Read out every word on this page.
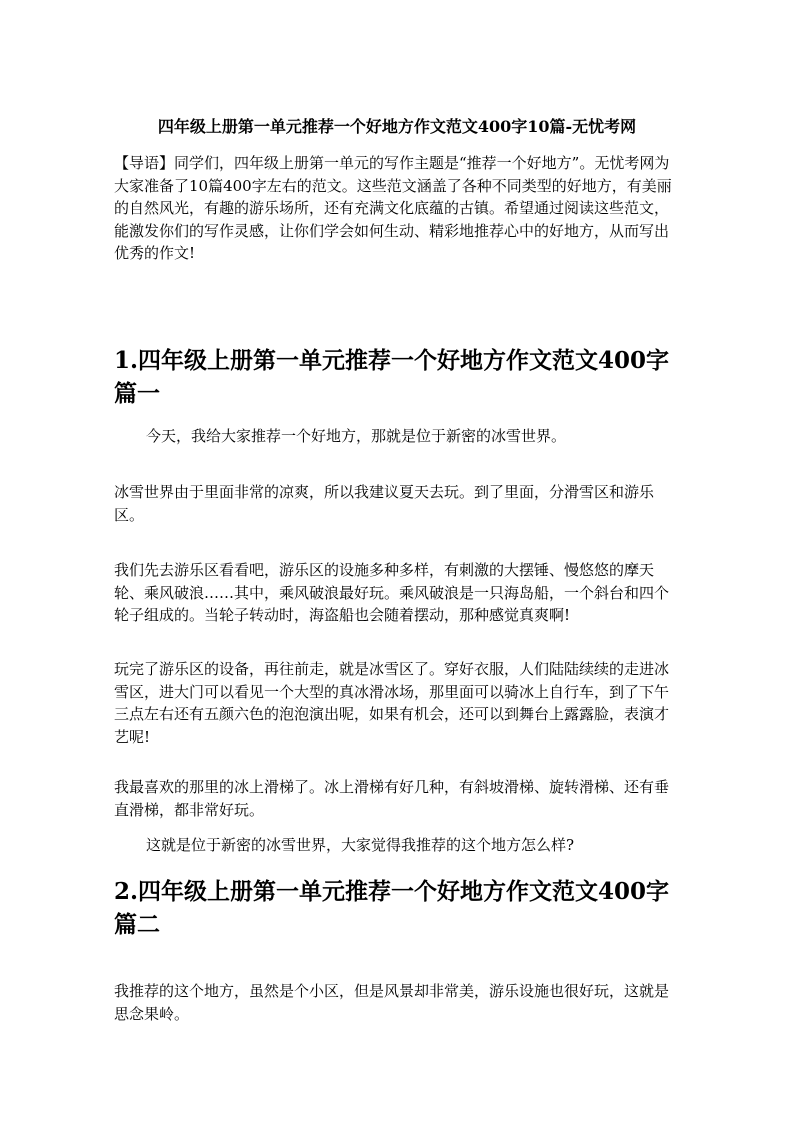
四年级上册第一单元推荐一个好地方作文范文400字10篇-无忧考网
【导语】同学们，四年级上册第一单元的写作主题是“推荐一个好地方”。无忧考网为大家准备了10篇400字左右的范文。这些范文涵盖了各种不同类型的好地方，有美丽的自然风光，有趣的游乐场所，还有充满文化底蕴的古镇。希望通过阅读这些范文，能激发你们的写作灵感，让你们学会如何生动、精彩地推荐心中的好地方，从而写出优秀的作文!
1.四年级上册第一单元推荐一个好地方作文范文400字
篇一
今天，我给大家推荐一个好地方，那就是位于新密的冰雪世界。
冰雪世界由于里面非常的凉爽，所以我建议夏天去玩。到了里面，分滑雪区和游乐区。
我们先去游乐区看看吧，游乐区的设施多种多样，有刺激的大摆锤、慢悠悠的摩天轮、乘风破浪……其中，乘风破浪最好玩。乘风破浪是一只海岛船，一个斜台和四个轮子组成的。当轮子转动时，海盗船也会随着摆动，那种感觉真爽啊!
玩完了游乐区的设备，再往前走，就是冰雪区了。穿好衣服，人们陆陆续续的走进冰雪区，进大门可以看见一个大型的真冰滑冰场，那里面可以骑冰上自行车，到了下午三点左右还有五颜六色的泡泡演出呢，如果有机会，还可以到舞台上露露脸，表演才艺呢!
我最喜欢的那里的冰上滑梯了。冰上滑梯有好几种，有斜坡滑梯、旋转滑梯、还有垂直滑梯，都非常好玩。
这就是位于新密的冰雪世界，大家觉得我推荐的这个地方怎么样?
2.四年级上册第一单元推荐一个好地方作文范文400字
篇二
我推荐的这个地方，虽然是个小区，但是风景却非常美，游乐设施也很好玩，这就是思念果岭。
